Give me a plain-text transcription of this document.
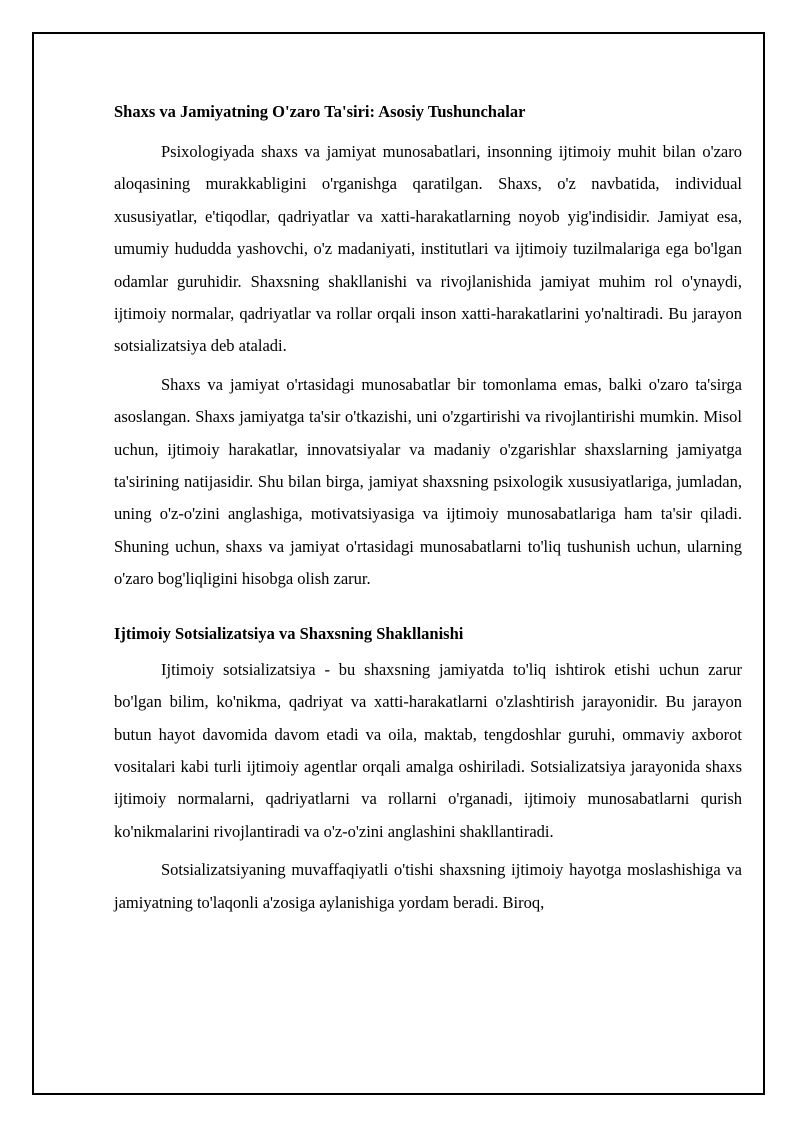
Shaxs va Jamiyatning O'zaro Ta'siri: Asosiy Tushunchalar

Psixologiyada shaxs va jamiyat munosabatlari, insonning ijtimoiy muhit bilan o'zaro aloqasining murakkabligini o'rganishga qaratilgan. Shaxs, o'z navbatida, individual xususiyatlar, e'tiqodlar, qadriyatlar va xatti-harakatlarning noyob yig'indisidir. Jamiyat esa, umumiy hududda yashovchi, o'z madaniyati, institutlari va ijtimoiy tuzilmalariga ega bo'lgan odamlar guruhidir. Shaxsning shakllanishi va rivojlanishida jamiyat muhim rol o'ynaydi, ijtimoiy normalar, qadriyatlar va rollar orqali inson xatti-harakatlarini yo'naltiradi. Bu jarayon sotsializatsiya deb ataladi.

Shaxs va jamiyat o'rtasidagi munosabatlar bir tomonlama emas, balki o'zaro ta'sirga asoslangan. Shaxs jamiyatga ta'sir o'tkazishi, uni o'zgartirishi va rivojlantirishi mumkin. Misol uchun, ijtimoiy harakatlar, innovatsiyalar va madaniy o'zgarishlar shaxslarning jamiyatga ta'sirining natijasidir. Shu bilan birga, jamiyat shaxsning psixologik xususiyatlariga, jumladan, uning o'z-o'zini anglashiga, motivatsiyasiga va ijtimoiy munosabatlariga ham ta'sir qiladi. Shuning uchun, shaxs va jamiyat o'rtasidagi munosabatlarni to'liq tushunish uchun, ularning o'zaro bog'liqligini hisobga olish zarur.

Ijtimoiy Sotsializatsiya va Shaxsning Shakllanishi

Ijtimoiy sotsializatsiya - bu shaxsning jamiyatda to'liq ishtirok etishi uchun zarur bo'lgan bilim, ko'nikma, qadriyat va xatti-harakatlarni o'zlashtirish jarayonidir. Bu jarayon butun hayot davomida davom etadi va oila, maktab, tengdoshlar guruhi, ommaviy axborot vositalari kabi turli ijtimoiy agentlar orqali amalga oshiriladi. Sotsializatsiya jarayonida shaxs ijtimoiy normalarni, qadriyatlarni va rollarni o'rganadi, ijtimoiy munosabatlarni qurish ko'nikmalarini rivojlantiradi va o'z-o'zini anglashini shakllantiradi.

Sotsializatsiyaning muvaffaqiyatli o'tishi shaxsning ijtimoiy hayotga moslashishiga va jamiyatning to'laqonli a'zosiga aylanishiga yordam beradi. Biroq,
